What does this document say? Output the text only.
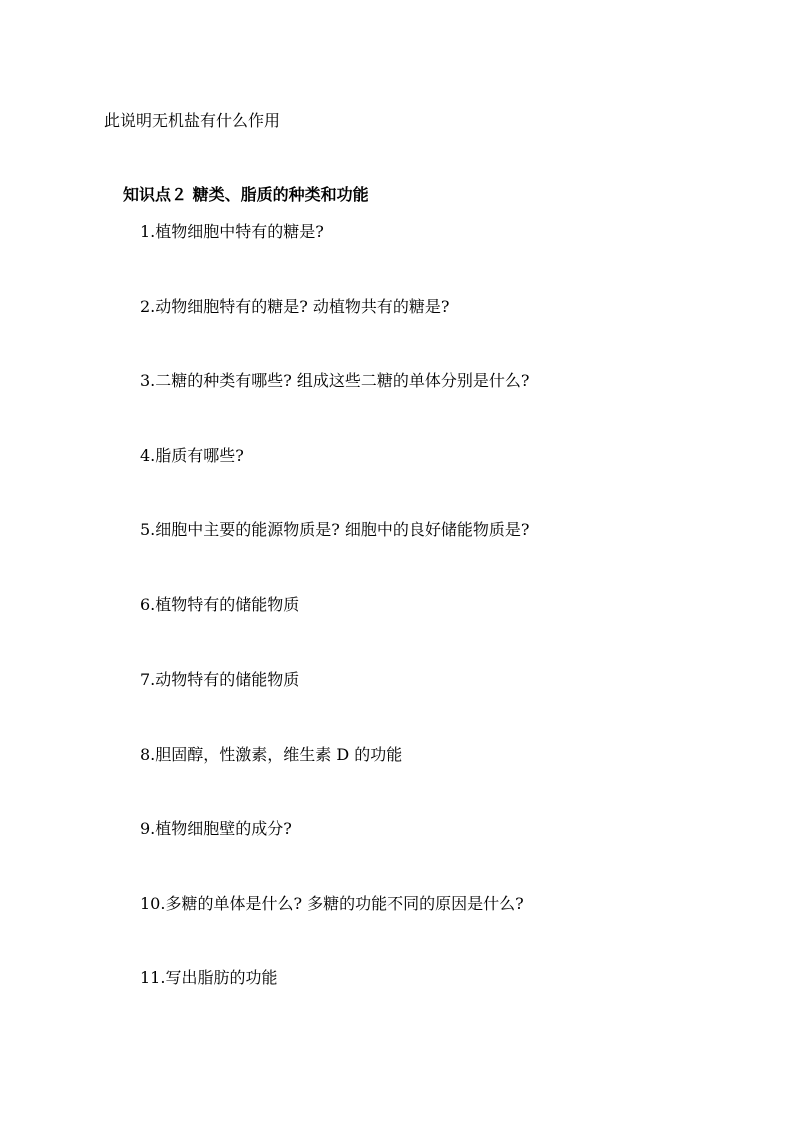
此说明无机盐有什么作用
知识点２ 糖类、脂质的种类和功能
1.植物细胞中特有的糖是?
2.动物细胞特有的糖是? 动植物共有的糖是?
3.二糖的种类有哪些? 组成这些二糖的单体分别是什么?
4.脂质有哪些?
5.细胞中主要的能源物质是? 细胞中的良好储能物质是?
6.植物特有的储能物质
7.动物特有的储能物质
8.胆固醇，性激素，维生素 D 的功能
9.植物细胞壁的成分?
10.多糖的单体是什么? 多糖的功能不同的原因是什么?
11.写出脂肪的功能
